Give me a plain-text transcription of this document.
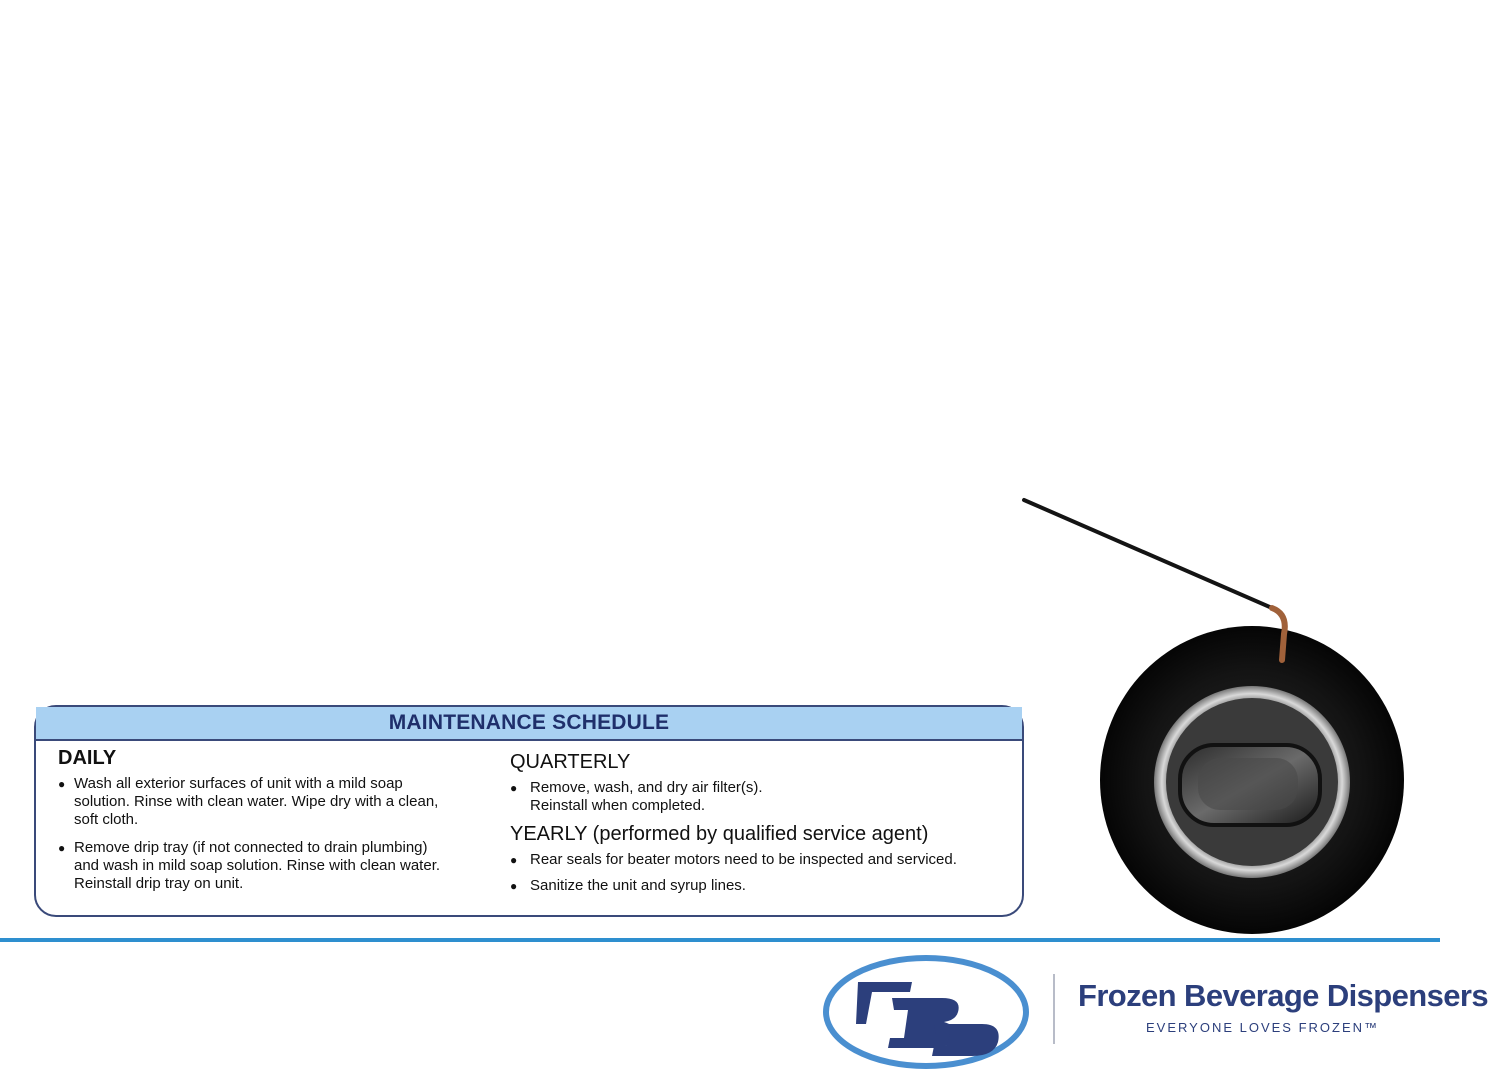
MAINTENANCE SCHEDULE
DAILY
● Wash all exterior surfaces of unit with a mild soap
solution. Rinse with clean water. Wipe dry with a clean,
soft cloth.
● Remove drip tray (if not connected to drain plumbing)
and wash in mild soap solution. Rinse with clean water.
Reinstall drip tray on unit.
QUARTERLY
● Remove, wash, and dry air filter(s).
Reinstall when completed.
YEARLY (performed by qualified service agent)
● Rear seals for beater motors need to be inspected and serviced.
● Sanitize the unit and syrup lines.
Frozen Beverage Dispensers
EVERYONE LOVES FROZEN™
